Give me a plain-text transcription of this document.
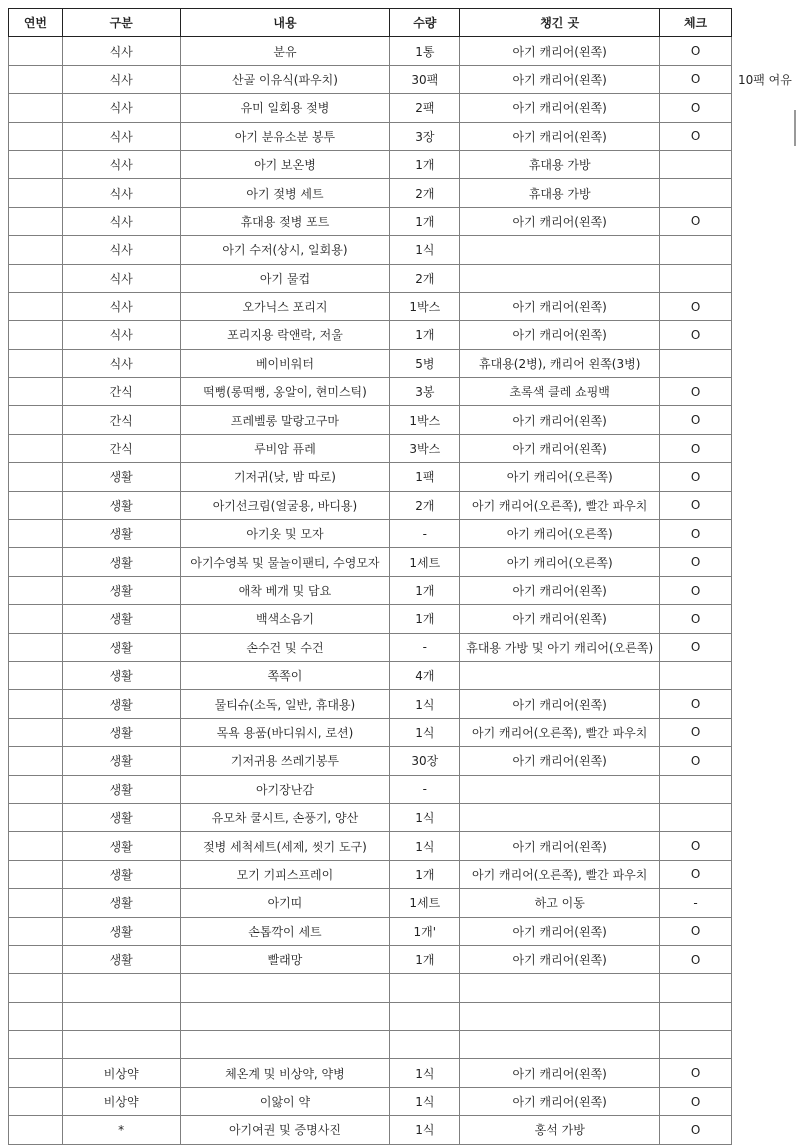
연번	구분	내용	수량	챙긴 곳	체크	
	식사	분유	1통	아기 캐리어(왼쪽)	O	
	식사	산골 이유식(파우치)	30팩	아기 캐리어(왼쪽)	O	10팩 여유
	식사	유미 일회용 젖병	2팩	아기 캐리어(왼쪽)	O	
	식사	아기 분유소분 봉투	3장	아기 캐리어(왼쪽)	O	
	식사	아기 보온병	1개	휴대용 가방		
	식사	아기 젖병 세트	2개	휴대용 가방		
	식사	휴대용 젖병 포트	1개	아기 캐리어(왼쪽)	O	
	식사	아기 수저(상시, 일회용)	1식			
	식사	아기 물컵	2개			
	식사	오가닉스 포리지	1박스	아기 캐리어(왼쪽)	O	
	식사	포리지용 락앤락, 저울	1개	아기 캐리어(왼쪽)	O	
	식사	베이비워터	5병	휴대용(2병), 캐리어 왼쪽(3병)		
	간식	떡뻥(롱떡뻥, 옹알이, 현미스틱)	3봉	초록색 클레 쇼핑백	O	
	간식	프레벨롱 말랑고구마	1박스	아기 캐리어(왼쪽)	O	
	간식	루비암 퓨레	3박스	아기 캐리어(왼쪽)	O	
	생활	기저귀(낮, 밤 따로)	1팩	아기 캐리어(오른쪽)	O	
	생활	아기선크림(얼굴용, 바디용)	2개	아기 캐리어(오른쪽), 빨간 파우치	O	
	생활	아기옷 및 모자	-	아기 캐리어(오른쪽)	O	
	생활	아기수영복 및 물놀이팬티, 수영모자	1세트	아기 캐리어(오른쪽)	O	
	생활	애착 베개 및 담요	1개	아기 캐리어(왼쪽)	O	
	생활	백색소음기	1개	아기 캐리어(왼쪽)	O	
	생활	손수건 및 수건	-	휴대용 가방 및 아기 캐리어(오른쪽)	O	
	생활	쪽쪽이	4개			
	생활	물티슈(소독, 일반, 휴대용)	1식	아기 캐리어(왼쪽)	O	
	생활	목욕 용품(바디워시, 로션)	1식	아기 캐리어(오른쪽), 빨간 파우치	O	
	생활	기저귀용 쓰레기봉투	30장	아기 캐리어(왼쪽)	O	
	생활	아기장난감	-			
	생활	유모차 쿨시트, 손풍기, 양산	1식			
	생활	젖병 세척세트(세제, 씻기 도구)	1식	아기 캐리어(왼쪽)	O	
	생활	모기 기피스프레이	1개	아기 캐리어(오른쪽), 빨간 파우치	O	
	생활	아기띠	1세트	하고 이동	-	
	생활	손톱깍이 세트	1개'	아기 캐리어(왼쪽)	O	
	생활	빨래망	1개	아기 캐리어(왼쪽)	O	

	비상약	체온계 및 비상약, 약병	1식	아기 캐리어(왼쪽)	O	
	비상약	이앓이 약	1식	아기 캐리어(왼쪽)	O	
	*	아기여권 및 증명사진	1식	홍석 가방	O	
